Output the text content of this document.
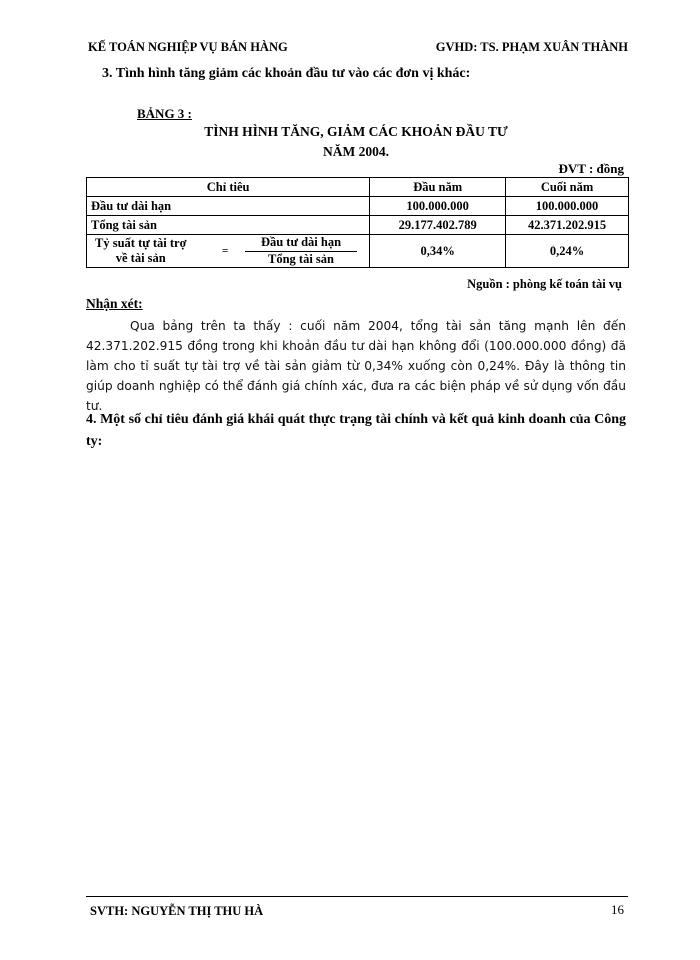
KẾ TOÁN NGHIỆP VỤ BÁN HÀNG	GVHD: TS. PHẠM XUÂN THÀNH
3. Tình hình tăng giảm các khoản đầu tư vào các đơn vị khác:
BẢNG 3 :
TÌNH HÌNH TĂNG, GIẢM CÁC KHOẢN ĐẦU TƯ
NĂM 2004.
ĐVT : đồng
Chỉ tiêu	Đầu năm	Cuối năm
Đầu tư dài hạn	100.000.000	100.000.000
Tổng tài sản	29.177.402.789	42.371.202.915

Tỷ suất tự tài trợ
về tài sản =
Đầu tư dài hạn
Tổng tài sản	0,34%	0,24%
Nguồn : phòng kế toán tài vụ
Nhận xét:
Qua bảng trên ta thấy : cuối năm 2004, tổng tài sản tăng mạnh lên đến 42.371.202.915 đồng trong khi khoản đầu tư dài hạn không đổi (100.000.000 đồng) đã làm cho tỉ suất tự tài trợ về tài sản giảm từ 0,34% xuống còn 0,24%. Đây là thông tin giúp doanh nghiệp có thể đánh giá chính xác, đưa ra các biện pháp về sử dụng vốn đầu tư.
4. Một số chỉ tiêu đánh giá khái quát thực trạng tài chính và kết quả kinh doanh của Công ty:
SVTH: NGUYỄN THỊ THU HÀ	16
